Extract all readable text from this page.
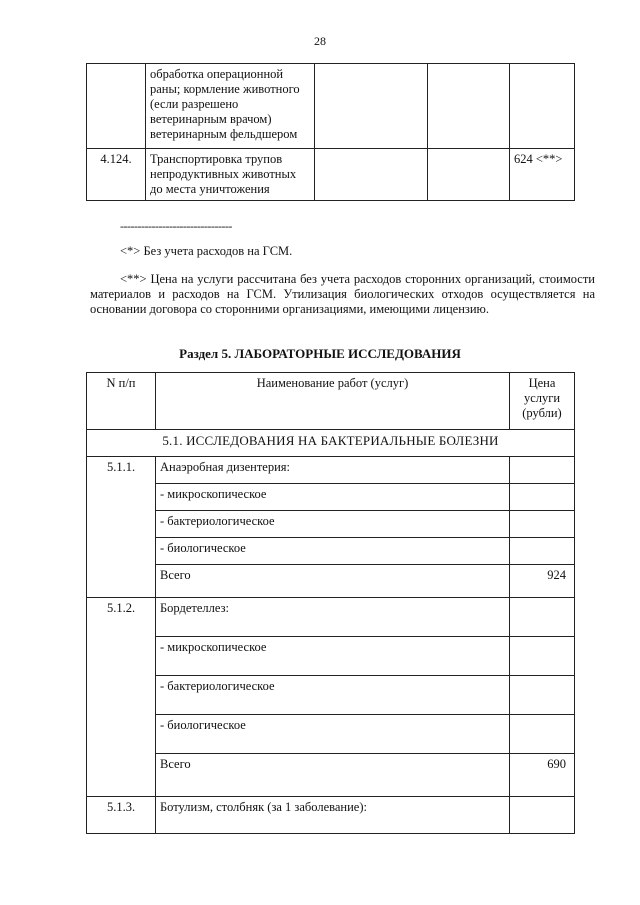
28
	обработка операционной раны; кормление животного (если разрешено ветеринарным врачом) ветеринарным фельдшером			
4.124.	Транспортировка трупов непродуктивных животных до места уничтожения			624 <**>
--------------------------------
<*> Без учета расходов на ГСМ.
<**> Цена на услуги рассчитана без учета расходов сторонних организаций, стоимости материалов и расходов на ГСМ. Утилизация биологических отходов осуществляется на основании договора со сторонними организациями, имеющими лицензию.
Раздел 5. ЛАБОРАТОРНЫЕ ИССЛЕДОВАНИЯ
N п/п	Наименование работ (услуг)	Цена услуги (рубли)
5.1. ИССЛЕДОВАНИЯ НА БАКТЕРИАЛЬНЫЕ БОЛЕЗНИ		
5.1.1.	Анаэробная дизентерия:	
	- микроскопическое	
	- бактериологическое	
	- биологическое	
	Всего	924
5.1.2.	Бордетеллез:	
	- микроскопическое	
	- бактериологическое	
	- биологическое	
	Всего	690
5.1.3.	Ботулизм, столбняк (за 1 заболевание):	
